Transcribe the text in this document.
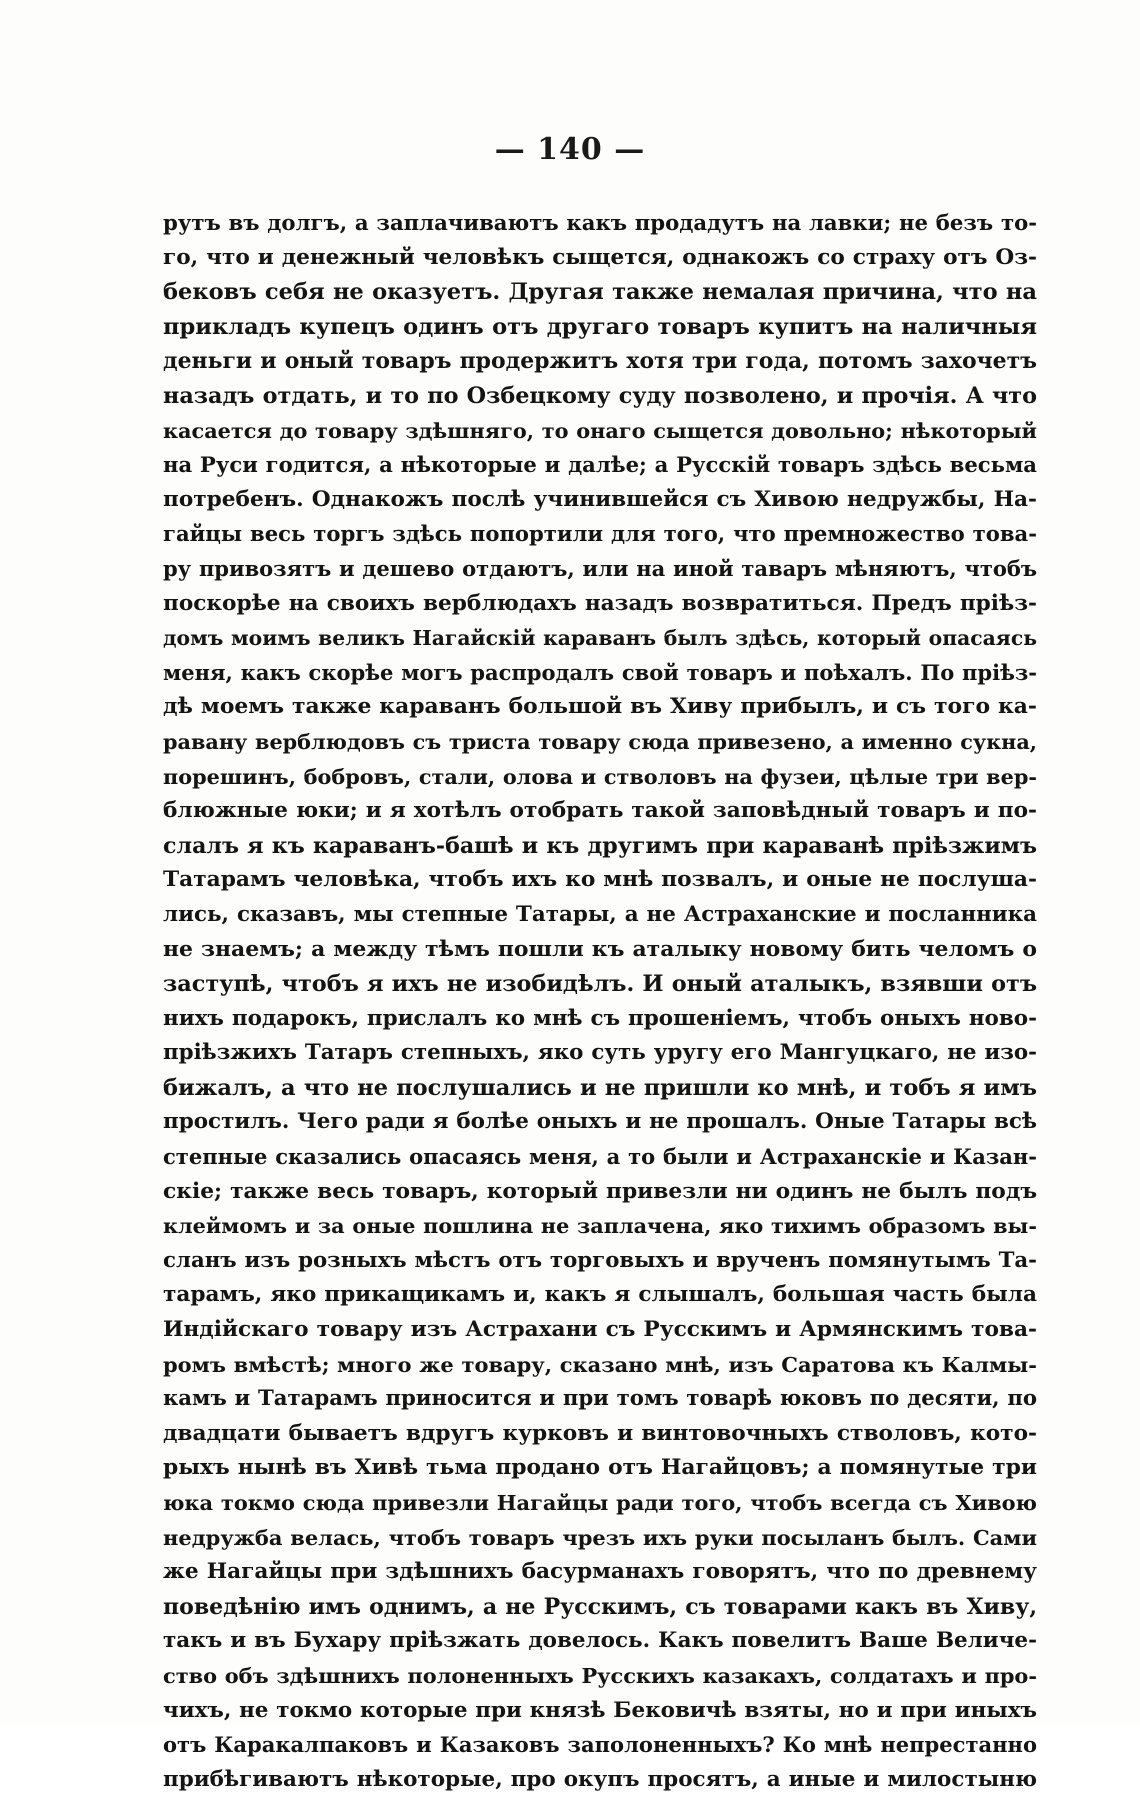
— 140 —
рутъ въ долгъ, а заплачиваютъ какъ продадутъ на лавки; не безъ то-
го, что и денежный человѣкъ сыщется, однакожъ со страху отъ Оз-
бековъ себя не оказуетъ. Другая также немалая причина, что на
прикладъ купецъ одинъ отъ другаго товаръ купитъ на наличныя
деньги и оный товаръ продержитъ хотя три года, потомъ захочетъ
назадъ отдать, и то по Озбецкому суду позволено, и прочія. А что
касается до товару здѣшняго, то онаго сыщется довольно; нѣкоторый
на Руси годится, а нѣкоторые и далѣе; а Русскій товаръ здѣсь весьма
потребенъ. Однакожъ послѣ учинившейся съ Хивою недружбы, На-
гайцы весь торгъ здѣсь попортили для того, что премножество това-
ру привозятъ и дешево отдаютъ, или на иной таваръ мѣняютъ, чтобъ
поскорѣе на своихъ верблюдахъ назадъ возвратиться. Предъ пріѣз-
домъ моимъ великъ Нагайскій караванъ былъ здѣсь, который опасаясь
меня, какъ скорѣе могъ распродалъ свой товаръ и поѣхалъ. По пріѣз-
дѣ моемъ также караванъ большой въ Хиву прибылъ, и съ того ка-
равану верблюдовъ съ триста товару сюда привезено, а именно сукна,
порешинъ, бобровъ, стали, олова и стволовъ на фузеи, цѣлые три вер-
блюжные юки; и я хотѣлъ отобрать такой заповѣдный товаръ и по-
слалъ я къ караванъ-башѣ и къ другимъ при караванѣ пріѣзжимъ
Татарамъ человѣка, чтобъ ихъ ко мнѣ позвалъ, и оные не послуша-
лись, сказавъ, мы степные Татары, а не Астраханские и посланника
не знаемъ; а между тѣмъ пошли къ аталыку новому бить челомъ о
заступѣ, чтобъ я ихъ не изобидѣлъ. И оный аталыкъ, взявши отъ
нихъ подарокъ, прислалъ ко мнѣ съ прошеніемъ, чтобъ оныхъ ново-
пріѣзжихъ Татаръ степныхъ, яко суть уругу его Мангуцкаго, не изо-
бижалъ, а что не послушались и не пришли ко мнѣ, и тобъ я имъ
простилъ. Чего ради я болѣе оныхъ и не прошалъ. Оные Татары всѣ
степные сказались опасаясь меня, а то были и Астраханскіе и Казан-
скіе; также весь товаръ, который привезли ни одинъ не былъ подъ
клеймомъ и за оные пошлина не заплачена, яко тихимъ образомъ вы-
сланъ изъ розныхъ мѣстъ отъ торговыхъ и врученъ помянутымъ Та-
тарамъ, яко прикащикамъ и, какъ я слышалъ, большая часть была
Индійскаго товару изъ Астрахани съ Русскимъ и Армянскимъ това-
ромъ вмѣстѣ; много же товару, сказано мнѣ, изъ Саратова къ Калмы-
камъ и Татарамъ приносится и при томъ товарѣ юковъ по десяти, по
двадцати бываетъ вдругъ курковъ и винтовочныхъ стволовъ, кото-
рыхъ нынѣ въ Хивѣ тьма продано отъ Нагайцовъ; а помянутые три
юка токмо сюда привезли Нагайцы ради того, чтобъ всегда съ Хивою
недружба велась, чтобъ товаръ чрезъ ихъ руки посыланъ былъ. Сами
же Нагайцы при здѣшнихъ басурманахъ говорятъ, что по древнему
поведѣнію имъ однимъ, а не Русскимъ, съ товарами какъ въ Хиву,
такъ и въ Бухару пріѣзжать довелось. Какъ повелитъ Ваше Величе-
ство объ здѣшнихъ полоненныхъ Русскихъ казакахъ, солдатахъ и про-
чихъ, не токмо которые при князѣ Бековичѣ взяты, но и при иныхъ
отъ Каракалпаковъ и Казаковъ заполоненныхъ? Ко мнѣ непрестанно
прибѣгиваютъ нѣкоторые, про окупъ просятъ, а иные и милостыню
